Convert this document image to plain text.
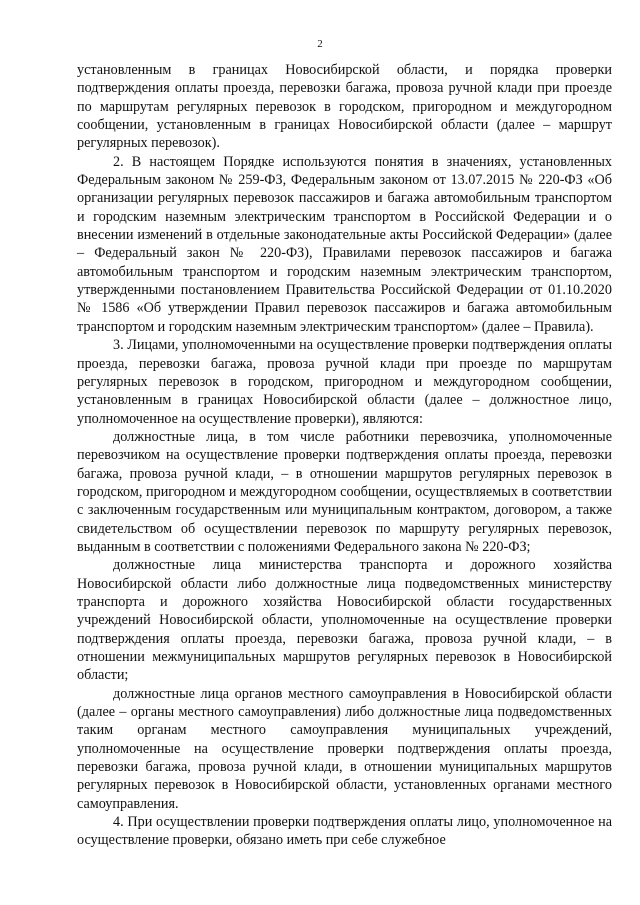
2

установленным в границах Новосибирской области, и порядка проверки подтверждения оплаты проезда, перевозки багажа, провоза ручной клади при проезде по маршрутам регулярных перевозок в городском, пригородном и междугородном сообщении, установленным в границах Новосибирской области (далее – маршрут регулярных перевозок).

2. В настоящем Порядке используются понятия в значениях, установленных Федеральным законом № 259-ФЗ, Федеральным законом от 13.07.2015 № 220-ФЗ «Об организации регулярных перевозок пассажиров и багажа автомобильным транспортом и городским наземным электрическим транспортом в Российской Федерации и о внесении изменений в отдельные законодательные акты Российской Федерации» (далее – Федеральный закон № 220-ФЗ), Правилами перевозок пассажиров и багажа автомобильным транспортом и городским наземным электрическим транспортом, утвержденными постановлением Правительства Российской Федерации от 01.10.2020 № 1586 «Об утверждении Правил перевозок пассажиров и багажа автомобильным транспортом и городским наземным электрическим транспортом» (далее – Правила).

3. Лицами, уполномоченными на осуществление проверки подтверждения оплаты проезда, перевозки багажа, провоза ручной клади при проезде по маршрутам регулярных перевозок в городском, пригородном и междугородном сообщении, установленным в границах Новосибирской области (далее – должностное лицо, уполномоченное на осуществление проверки), являются:

должностные лица, в том числе работники перевозчика, уполномоченные перевозчиком на осуществление проверки подтверждения оплаты проезда, перевозки багажа, провоза ручной клади, – в отношении маршрутов регулярных перевозок в городском, пригородном и междугородном сообщении, осуществляемых в соответствии с заключенным государственным или муниципальным контрактом, договором, а также свидетельством об осуществлении перевозок по маршруту регулярных перевозок, выданным в соответствии с положениями Федерального закона № 220-ФЗ;

должностные лица министерства транспорта и дорожного хозяйства Новосибирской области либо должностные лица подведомственных министерству транспорта и дорожного хозяйства Новосибирской области государственных учреждений Новосибирской области, уполномоченные на осуществление проверки подтверждения оплаты проезда, перевозки багажа, провоза ручной клади, – в отношении межмуниципальных маршрутов регулярных перевозок в Новосибирской области;

должностные лица органов местного самоуправления в Новосибирской области (далее – органы местного самоуправления) либо должностные лица подведомственных таким органам местного самоуправления муниципальных учреждений, уполномоченные на осуществление проверки подтверждения оплаты проезда, перевозки багажа, провоза ручной клади, в отношении муниципальных маршрутов регулярных перевозок в Новосибирской области, установленных органами местного самоуправления.

4. При осуществлении проверки подтверждения оплаты лицо, уполномоченное на осуществление проверки, обязано иметь при себе служебное
